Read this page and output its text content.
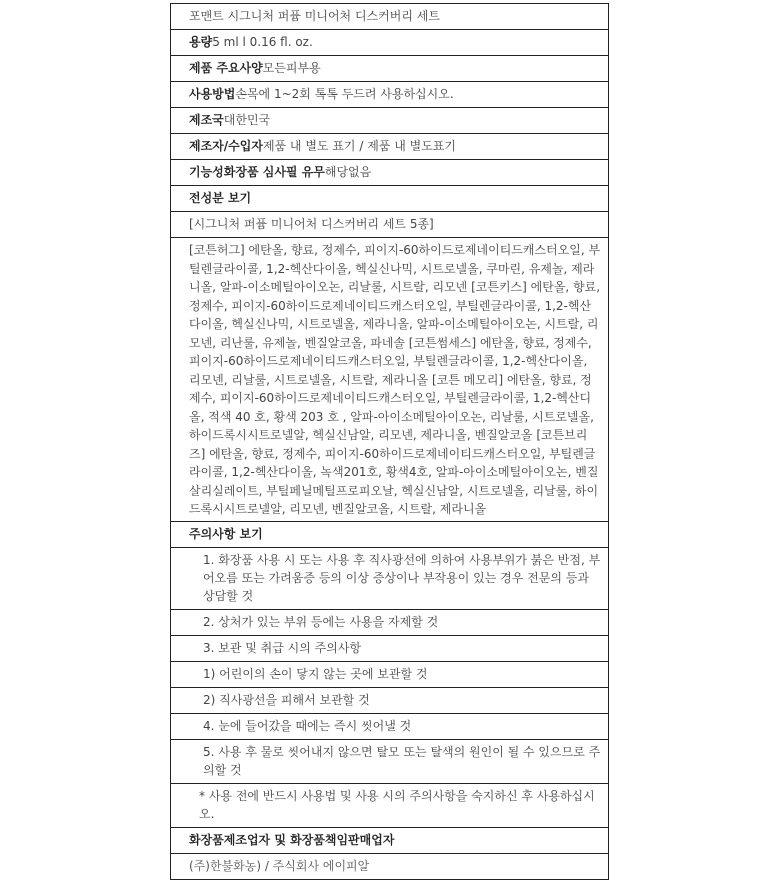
포맨트 시그니처 퍼퓸 미니어처 디스커버리 세트
용량5 ml l 0.16 fl. oz.
제품 주요사양모든피부용
사용방법손목에 1~2회 톡톡 두드려 사용하십시오.
제조국대한민국
제조자/수입자제품 내 별도 표기 / 제품 내 별도표기
기능성화장품 심사필 유무해당없음
전성분 보기
[시그니처 퍼퓸 미니어처 디스커버리 세트 5종]
[코튼허그] 에탄올, 향료, 정제수, 피이지-60하이드로제네이티드캐스터오일, 부틸렌글라이콜, 1,2-헥산다이올, 헥실신나믹, 시트로넬올, 쿠마린, 유제놀, 제라니올, 알파-이소메틸아이오논, 리날룰, 시트랄, 리모넨 [코튼키스] 에탄올, 향료, 정제수, 피이지-60하이드로제네이티드캐스터오일, 부틸렌글라이콜, 1,2-헥산다이올, 헥실신나믹, 시트로넬올, 제라니올, 알파-이소메틸아이오논, 시트랄, 리모넨, 리난룰, 유제놀, 벤질알코올, 파네솔 [코튼썸세스] 에탄올, 향료, 정제수, 피이지-60하이드로제네이티드캐스터오일, 부틸렌글라이콜, 1,2-헥산다이올, 리모넨, 리날룰, 시트로넬올, 시트랄, 제라니올 [코튼 메모리] 에탄올, 향료, 정제수, 피이지-60하이드로제네이티드캐스터오일, 부틸렌글라이콜, 1,2-헥산디올, 적색 40 호, 황색 203 호 , 알파-아이소메틸아이오논, 리날룰, 시트로넬올, 하이드록시시트로넬알, 헥실신남알, 리모넨, 제라니올, 벤질알코올 [코튼브리즈] 에탄올, 향료, 정제수, 피이지-60하이드로제네이티드캐스터오일, 부틸렌글라이콜, 1,2-헥산다이올, 녹색201호, 황색4호, 알파-아이소메틸아이오논, 벤질살리실레이트, 부틸페닐메틸프로피오날, 헥실신남알, 시트로넬올, 리날룰, 하이드록시시트로넬알, 리모넨, 벤질알코올, 시트랄, 제라니올
주의사항 보기
1. 화장품 사용 시 또는 사용 후 직사광선에 의하여 사용부위가 붉은 반점, 부어오름 또는 가려움증 등의 이상 증상이나 부작용이 있는 경우 전문의 등과 상담할 것
2. 상처가 있는 부위 등에는 사용을 자제할 것
3. 보관 및 취급 시의 주의사항
1) 어린이의 손이 닿지 않는 곳에 보관할 것
2) 직사광선을 피해서 보관할 것
4. 눈에 들어갔을 때에는 즉시 씻어낼 것
5. 사용 후 물로 씻어내지 않으면 탈모 또는 탈색의 원인이 될 수 있으므로 주의할 것
* 사용 전에 반드시 사용법 및 사용 시의 주의사항을 숙지하신 후 사용하십시오.
화장품제조업자 및 화장품책임판매업자
(주)한불화농) / 주식회사 에이피알
